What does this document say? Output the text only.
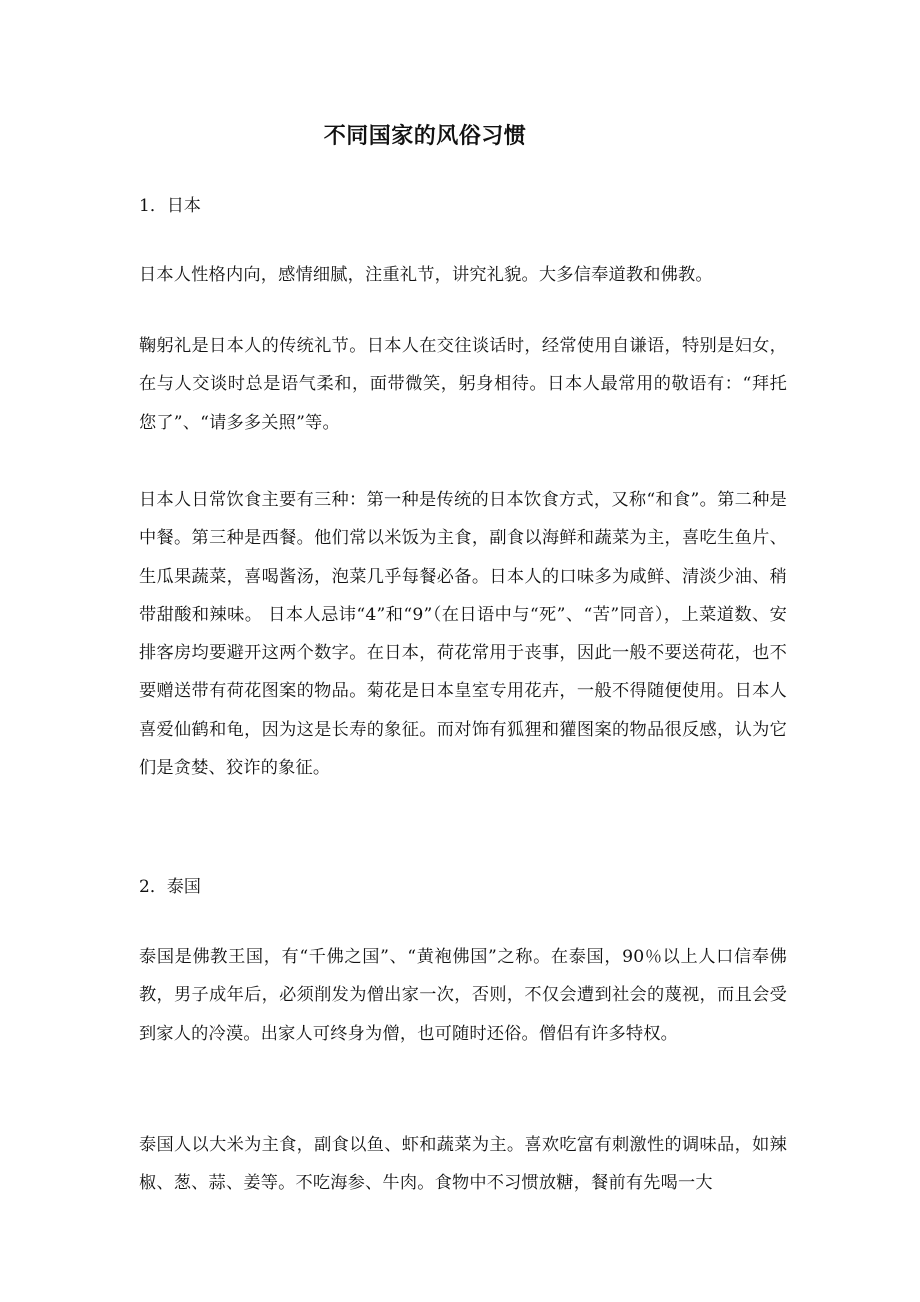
不同国家的风俗习惯
1．日本
日本人性格内向，感情细腻，注重礼节，讲究礼貌。大多信奉道教和佛教。
鞠躬礼是日本人的传统礼节。日本人在交往谈话时，经常使用自谦语，特别是妇女，在与人交谈时总是语气柔和，面带微笑，躬身相待。日本人最常用的敬语有：“拜托您了”、“请多多关照”等。
日本人日常饮食主要有三种：第一种是传统的日本饮食方式，又称“和食”。第二种是中餐。第三种是西餐。他们常以米饭为主食，副食以海鲜和蔬菜为主，喜吃生鱼片、生瓜果蔬菜，喜喝酱汤，泡菜几乎每餐必备。日本人的口味多为咸鲜、清淡少油、稍带甜酸和辣味。 日本人忌讳“4”和“9”（在日语中与“死”、“苦”同音），上菜道数、安排客房均要避开这两个数字。在日本，荷花常用于丧事，因此一般不要送荷花，也不要赠送带有荷花图案的物品。菊花是日本皇室专用花卉，一般不得随便使用。日本人喜爱仙鹤和龟，因为这是长寿的象征。而对饰有狐狸和獾图案的物品很反感，认为它们是贪婪、狡诈的象征。
2．泰国
泰国是佛教王国，有“千佛之国”、“黄袍佛国”之称。在泰国，90％以上人口信奉佛教，男子成年后，必须削发为僧出家一次，否则，不仅会遭到社会的蔑视，而且会受到家人的冷漠。出家人可终身为僧，也可随时还俗。僧侣有许多特权。
泰国人以大米为主食，副食以鱼、虾和蔬菜为主。喜欢吃富有刺激性的调味品，如辣椒、葱、蒜、姜等。不吃海参、牛肉。食物中不习惯放糖，餐前有先喝一大
